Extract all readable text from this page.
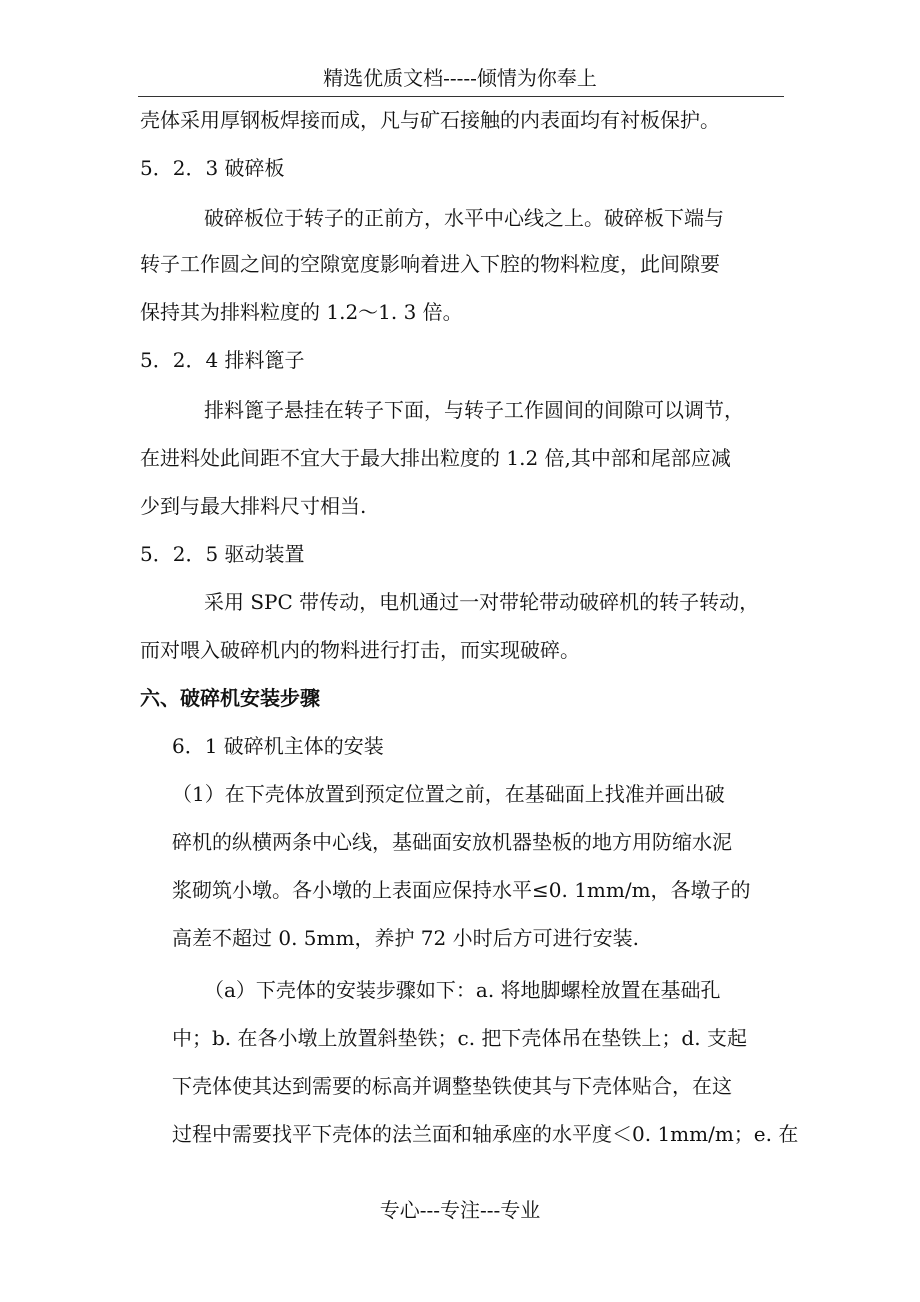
精选优质文档-----倾情为你奉上
壳体采用厚钢板焊接而成，凡与矿石接触的内表面均有衬板保护。
5．2．3 破碎板
破碎板位于转子的正前方，水平中心线之上。破碎板下端与
转子工作圆之间的空隙宽度影响着进入下腔的物料粒度，此间隙要
保持其为排料粒度的 1.2～1. 3 倍。
5．2．4 排料篦子
排料篦子悬挂在转子下面，与转子工作圆间的间隙可以调节，
在进料处此间距不宜大于最大排出粒度的 1.2 倍,其中部和尾部应减
少到与最大排料尺寸相当.
5．2．5 驱动装置
采用 SPC 带传动，电机通过一对带轮带动破碎机的转子转动，
而对喂入破碎机内的物料进行打击，而实现破碎。
六、破碎机安装步骤
6．1 破碎机主体的安装
（1）在下壳体放置到预定位置之前，在基础面上找准并画出破
碎机的纵横两条中心线，基础面安放机器垫板的地方用防缩水泥
浆砌筑小墩。各小墩的上表面应保持水平≤0. 1mm/m，各墩子的
高差不超过 0. 5mm，养护 72 小时后方可进行安装.
（a）下壳体的安装步骤如下：a. 将地脚螺栓放置在基础孔
中；b. 在各小墩上放置斜垫铁；c. 把下壳体吊在垫铁上；d. 支起
下壳体使其达到需要的标高并调整垫铁使其与下壳体贴合，在这
过程中需要找平下壳体的法兰面和轴承座的水平度＜0. 1mm/m；e. 在
专心---专注---专业
